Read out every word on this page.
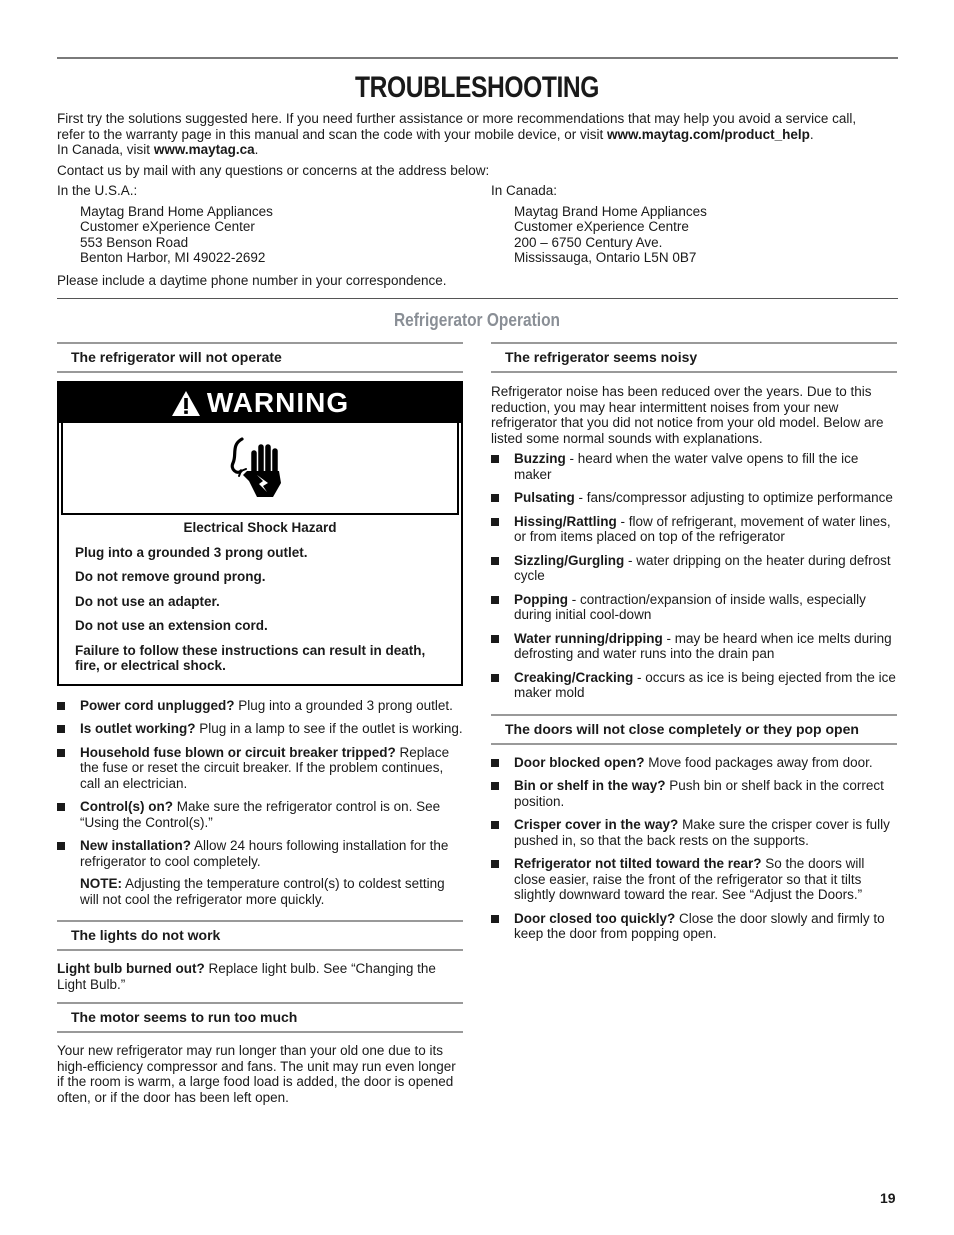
TROUBLESHOOTING

First try the solutions suggested here. If you need further assistance or more recommendations that may help you avoid a service call,

refer to the warranty page in this manual and scan the code with your mobile device, or visit www.maytag.com/product_help.

In Canada, visit www.maytag.ca.

Contact us by mail with any questions or concerns at the address below:

In the U.S.A.:

Maytag Brand Home Appliances
Customer eXperience Center
553 Benson Road
Benton Harbor, MI 49022-2692

In Canada:

Maytag Brand Home Appliances
Customer eXperience Centre
200 – 6750 Century Ave.
Mississauga, Ontario L5N 0B7
Please include a daytime phone number in your correspondence.
Refrigerator Operation
The refrigerator will not operate
WARNING

Electrical Shock Hazard

Plug into a grounded 3 prong outlet.

Do not remove ground prong.

Do not use an adapter.

Do not use an extension cord.

Failure to follow these instructions can result in death, fire, or electrical shock.

Power cord unplugged? Plug into a grounded 3 prong outlet.
Is outlet working? Plug in a lamp to see if the outlet is working.
Household fuse blown or circuit breaker tripped? Replace the fuse or reset the circuit breaker. If the problem continues, call an electrician.
Control(s) on? Make sure the refrigerator control is on. See “Using the Control(s).”
New installation? Allow 24 hours following installation for the refrigerator to cool completely.

NOTE: Adjusting the temperature control(s) to coldest setting will not cool the refrigerator more quickly.

The lights do not work

Light bulb burned out? Replace light bulb. See “Changing the Light Bulb.”

The motor seems to run too much

Your new refrigerator may run longer than your old one due to its high-efficiency compressor and fans. The unit may run even longer if the room is warm, a large food load is added, the door is opened often, or if the door has been left open.

The refrigerator seems noisy

Refrigerator noise has been reduced over the years. Due to this reduction, you may hear intermittent noises from your new refrigerator that you did not notice from your old model. Below are listed some normal sounds with explanations.

Buzzing - heard when the water valve opens to fill the ice maker
Pulsating - fans/compressor adjusting to optimize performance
Hissing/Rattling - flow of refrigerant, movement of water lines, or from items placed on top of the refrigerator
Sizzling/Gurgling - water dripping on the heater during defrost cycle
Popping - contraction/expansion of inside walls, especially during initial cool-down
Water running/dripping - may be heard when ice melts during defrosting and water runs into the drain pan
Creaking/Cracking - occurs as ice is being ejected from the ice maker mold
The doors will not close completely or they pop open
Door blocked open? Move food packages away from door.
Bin or shelf in the way? Push bin or shelf back in the correct position.
Crisper cover in the way? Make sure the crisper cover is fully pushed in, so that the back rests on the supports.
Refrigerator not tilted toward the rear? So the doors will close easier, raise the front of the refrigerator so that it tilts slightly downward toward the rear. See “Adjust the Doors.”
Door closed too quickly? Close the door slowly and firmly to keep the door from popping open.
19
